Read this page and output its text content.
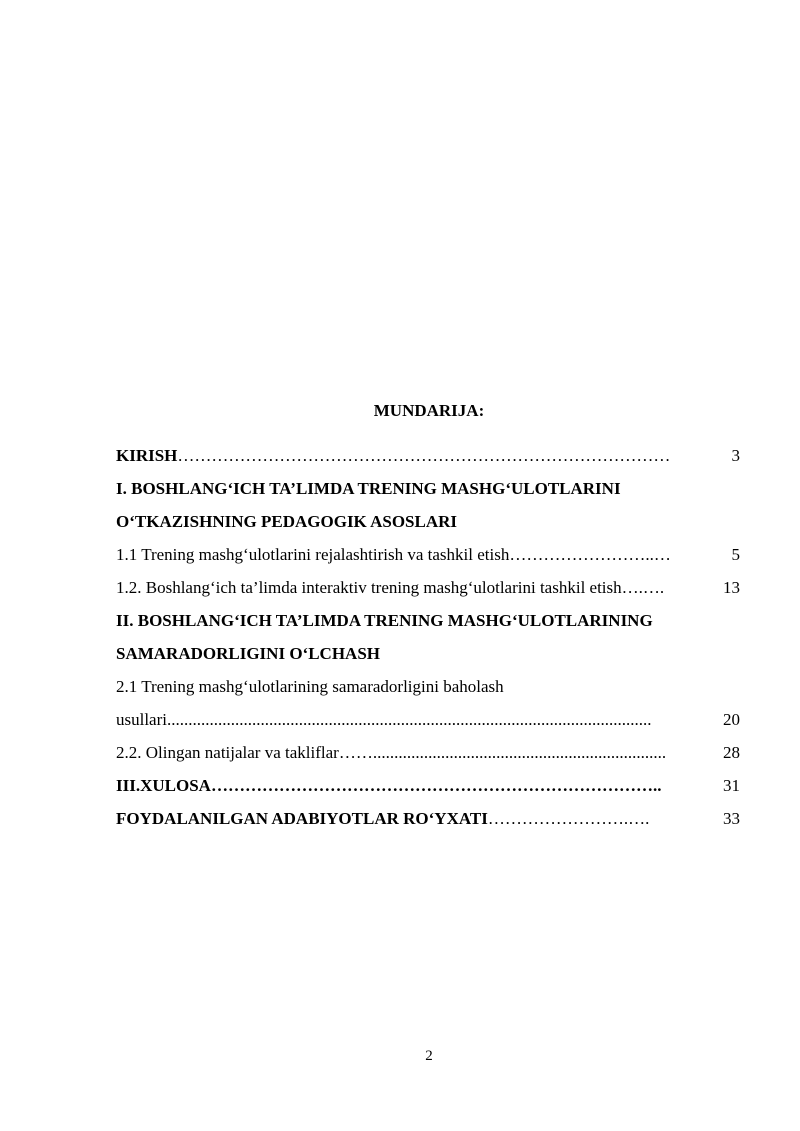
MUNDARIJA:
KIRISH……………………………………………………………………………	3
I. BOSHLANG‘ICH TA’LIMDA TRENING MASHG‘ULOTLARINI
O‘TKAZISHNING PEDAGOGIK ASOSLARI
1.1 Trening mashg‘ulotlarini rejalashtirish va tashkil etish……………………..…	5
1.2. Boshlang‘ich ta’limda interaktiv trening mashg‘ulotlarini tashkil etish….….	13
II. BOSHLANG‘ICH TA’LIMDA TRENING MASHG‘ULOTLARINING
SAMARADORLIGINI O‘LCHASH
2.1 Trening mashg‘ulotlarining samaradorligini baholash
usullari..................................................................................................................	20
2.2. Olingan natijalar va takliflar…….....................................................................	28
III.XULOSA……………………………………………………………………..	31
FOYDALANILGAN ADABIYOTLAR RO‘YXATI…………………….….	33
2
